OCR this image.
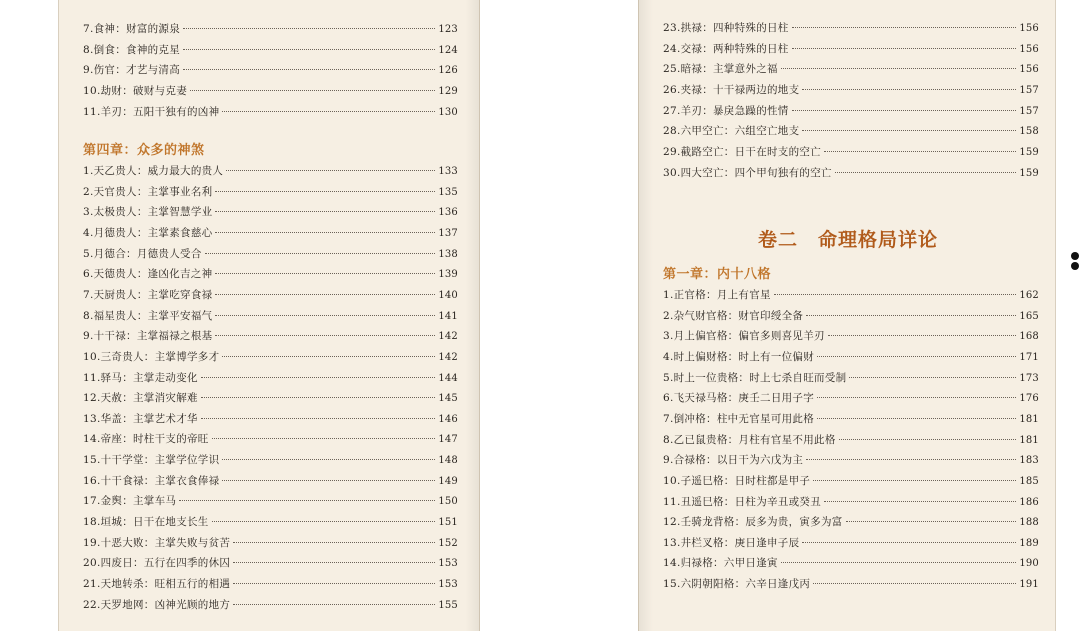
7.食神：财富的源泉	123
8.倒食：食神的克星	124
9.伤官：才艺与清高	126
10.劫财：破财与克妻	129
11.羊刃：五阳干独有的凶神	130
第四章：众多的神煞
1.天乙贵人：威力最大的贵人	133
2.天官贵人：主掌事业名利	135
3.太极贵人：主掌智慧学业	136
4.月德贵人：主掌素食慈心	137
5.月德合：月德贵人受合	138
6.天德贵人：逢凶化吉之神	139
7.天厨贵人：主掌吃穿食禄	140
8.福星贵人：主掌平安福气	141
9.十干禄：主掌福禄之根基	142
10.三奇贵人：主掌博学多才	142
11.驿马：主掌走动变化	144
12.天赦：主掌消灾解难	145
13.华盖：主掌艺术才华	146
14.帝座：时柱干支的帝旺	147
15.十干学堂：主掌学位学识	148
16.十干食禄：主掌衣食俸禄	149
17.金舆：主掌车马	150
18.垣城：日干在地支长生	151
19.十恶大败：主掌失败与贫苦	152
20.四废日：五行在四季的休囚	153
21.天地转杀：旺相五行的相遇	153
22.天罗地网：凶神光顾的地方	155
23.拱禄：四种特殊的日柱	156
24.交禄：两种特殊的日柱	156
25.暗禄：主掌意外之福	156
26.夹禄：十干禄两边的地支	157
27.羊刃：暴戾急躁的性情	157
28.六甲空亡：六组空亡地支	158
29.截路空亡：日干在时支的空亡	159
30.四大空亡：四个甲旬独有的空亡	159
卷二　命理格局详论
第一章：内十八格
1.正官格：月上有官星	162
2.杂气财官格：财官印绶全备	165
3.月上偏官格：偏官多则喜见羊刃	168
4.时上偏财格：时上有一位偏财	171
5.时上一位贵格：时上七杀自旺而受制	173
6.飞天禄马格：庚壬二日用子字	176
7.倒冲格：柱中无官星可用此格	181
8.乙已鼠贵格：月柱有官星不用此格	181
9.合禄格：以日干为六戊为主	183
10.子遥巳格：日时柱都是甲子	185
11.丑遥巳格：日柱为辛丑或癸丑	186
12.壬骑龙背格：辰多为贵，寅多为富	188
13.井栏叉格：庚日逢申子辰	189
14.归禄格：六甲日逢寅	190
15.六阴朝阳格：六辛日逢戊丙	191
